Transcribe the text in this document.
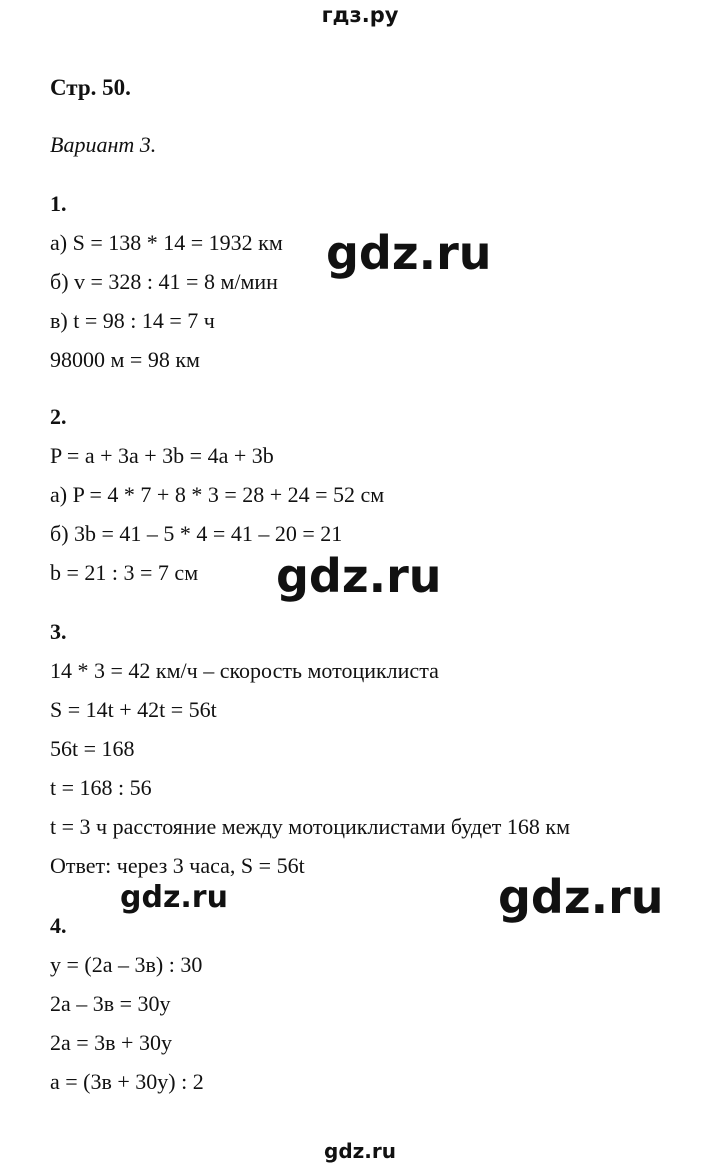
гдз.ру
Стр. 50.
Вариант 3.
1.
а) S = 138 * 14 = 1932 км
б) v = 328 : 41 = 8 м/мин
в) t = 98 : 14 = 7 ч
98000 м = 98 км
2.
P = a + 3a + 3b = 4a + 3b
а) P = 4 * 7 + 8 * 3 = 28 + 24 = 52 см
б) 3b = 41 – 5 * 4 = 41 – 20 = 21
b = 21 : 3 = 7 см
3.
14 * 3 = 42 км/ч – скорость мотоциклиста
S = 14t + 42t = 56t
56t = 168
t = 168 : 56
t = 3 ч расстояние между мотоциклистами будет 168 км
Ответ: через 3 часа, S = 56t
4.
y = (2a – 3в) : 30
2a – 3в = 30y
2a = 3в + 30y
a = (3в + 30y) : 2
gdz.ru
gdz.ru
gdz.ru	gdz.ru
gdz.ru
